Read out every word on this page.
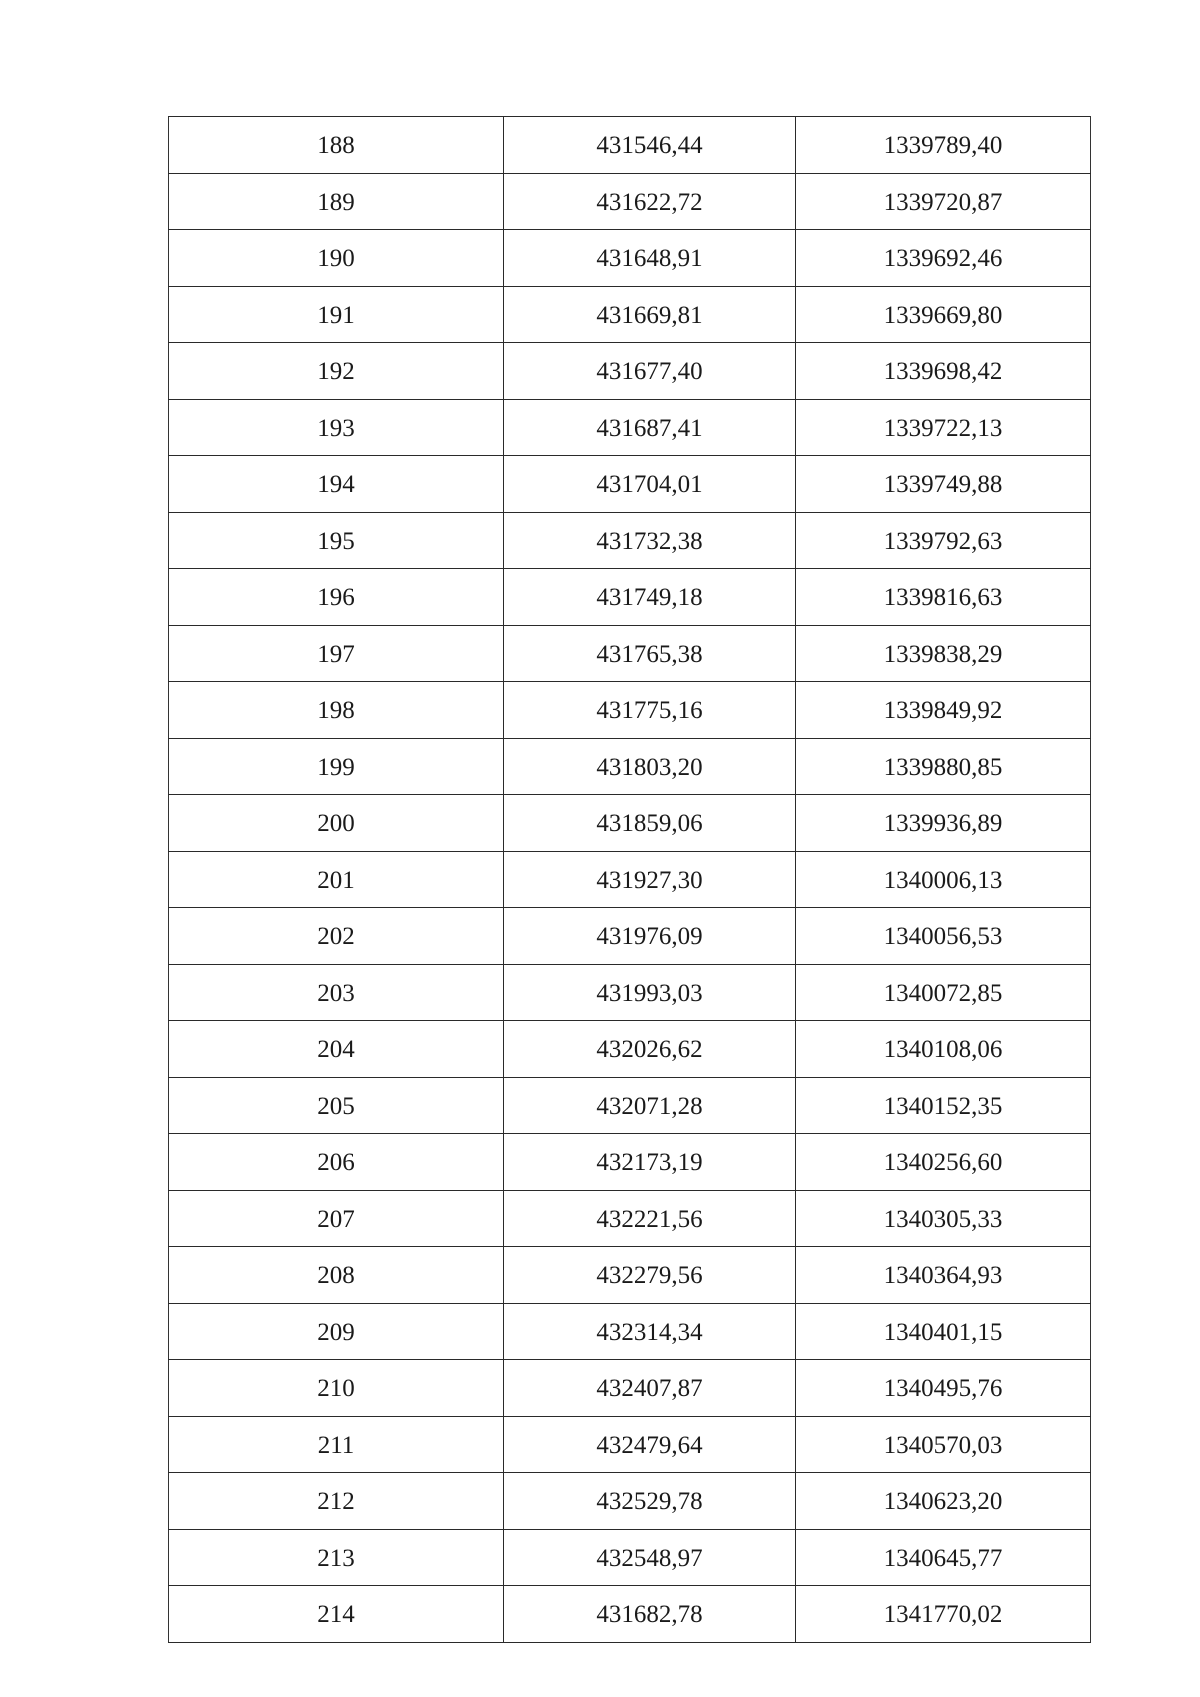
188	431546,44	1339789,40
189	431622,72	1339720,87
190	431648,91	1339692,46
191	431669,81	1339669,80
192	431677,40	1339698,42
193	431687,41	1339722,13
194	431704,01	1339749,88
195	431732,38	1339792,63
196	431749,18	1339816,63
197	431765,38	1339838,29
198	431775,16	1339849,92
199	431803,20	1339880,85
200	431859,06	1339936,89
201	431927,30	1340006,13
202	431976,09	1340056,53
203	431993,03	1340072,85
204	432026,62	1340108,06
205	432071,28	1340152,35
206	432173,19	1340256,60
207	432221,56	1340305,33
208	432279,56	1340364,93
209	432314,34	1340401,15
210	432407,87	1340495,76
211	432479,64	1340570,03
212	432529,78	1340623,20
213	432548,97	1340645,77
214	431682,78	1341770,02
